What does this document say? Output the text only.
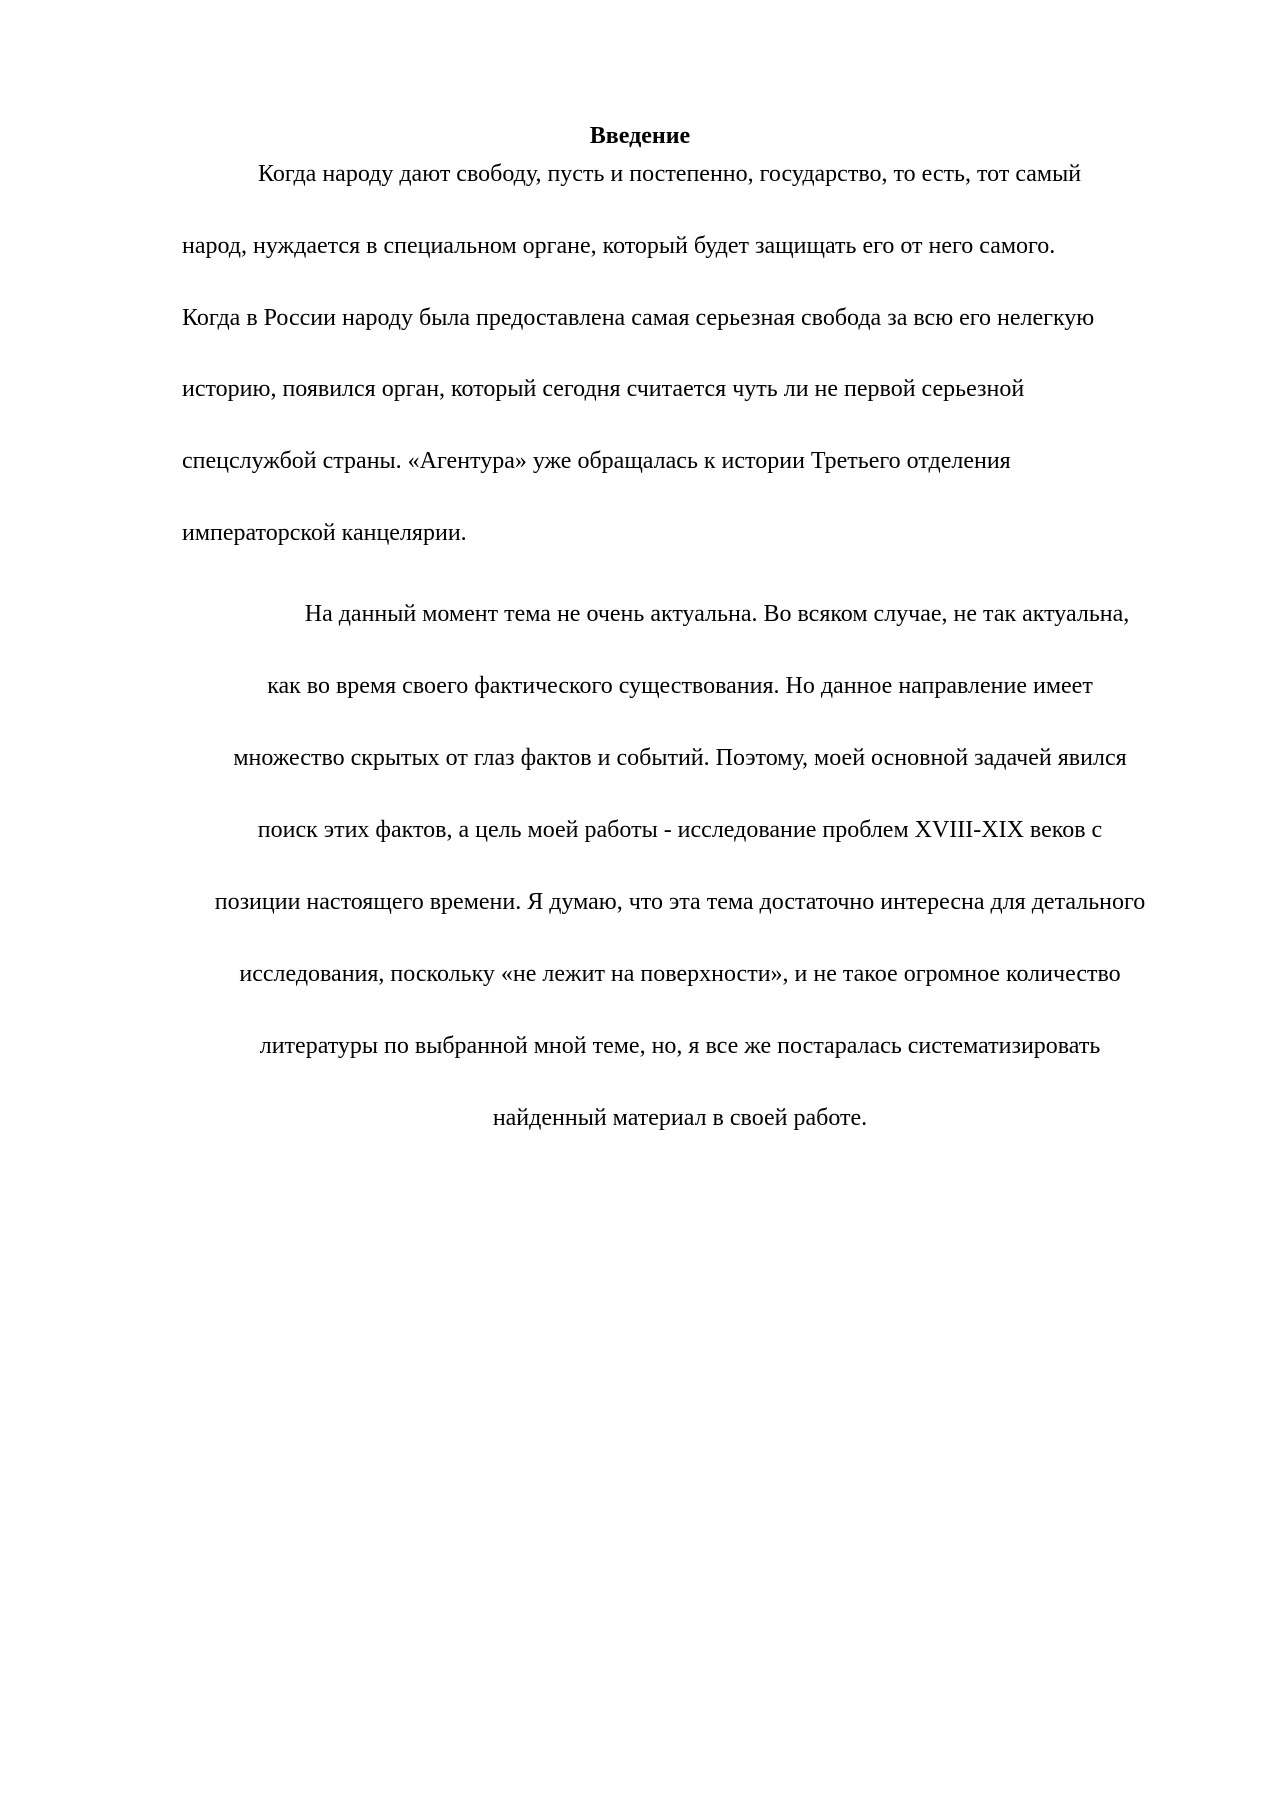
Введение

Когда народу дают свободу, пусть и постепенно, государство, то есть, тот самый

народ, нуждается в специальном органе, который будет защищать его от него самого.

Когда в России народу была предоставлена самая серьезная свобода за всю его нелегкую

историю, появился орган, который сегодня считается чуть ли не первой серьезной

спецслужбой страны. «Агентура» уже обращалась к истории Третьего отделения

императорской канцелярии.

На данный момент тема не очень актуальна. Во всяком случае, не так актуальна,

как во время своего фактического существования. Но данное направление имеет

множество скрытых от глаз фактов и событий. Поэтому, моей основной задачей явился

поиск этих фактов, а цель моей работы - исследование проблем XVIII-XIX веков с

позиции настоящего времени. Я думаю, что эта тема достаточно интересна для детального

исследования, поскольку «не лежит на поверхности», и не такое огромное количество

литературы по выбранной мной теме, но, я все же постаралась систематизировать

найденный материал в своей работе.
